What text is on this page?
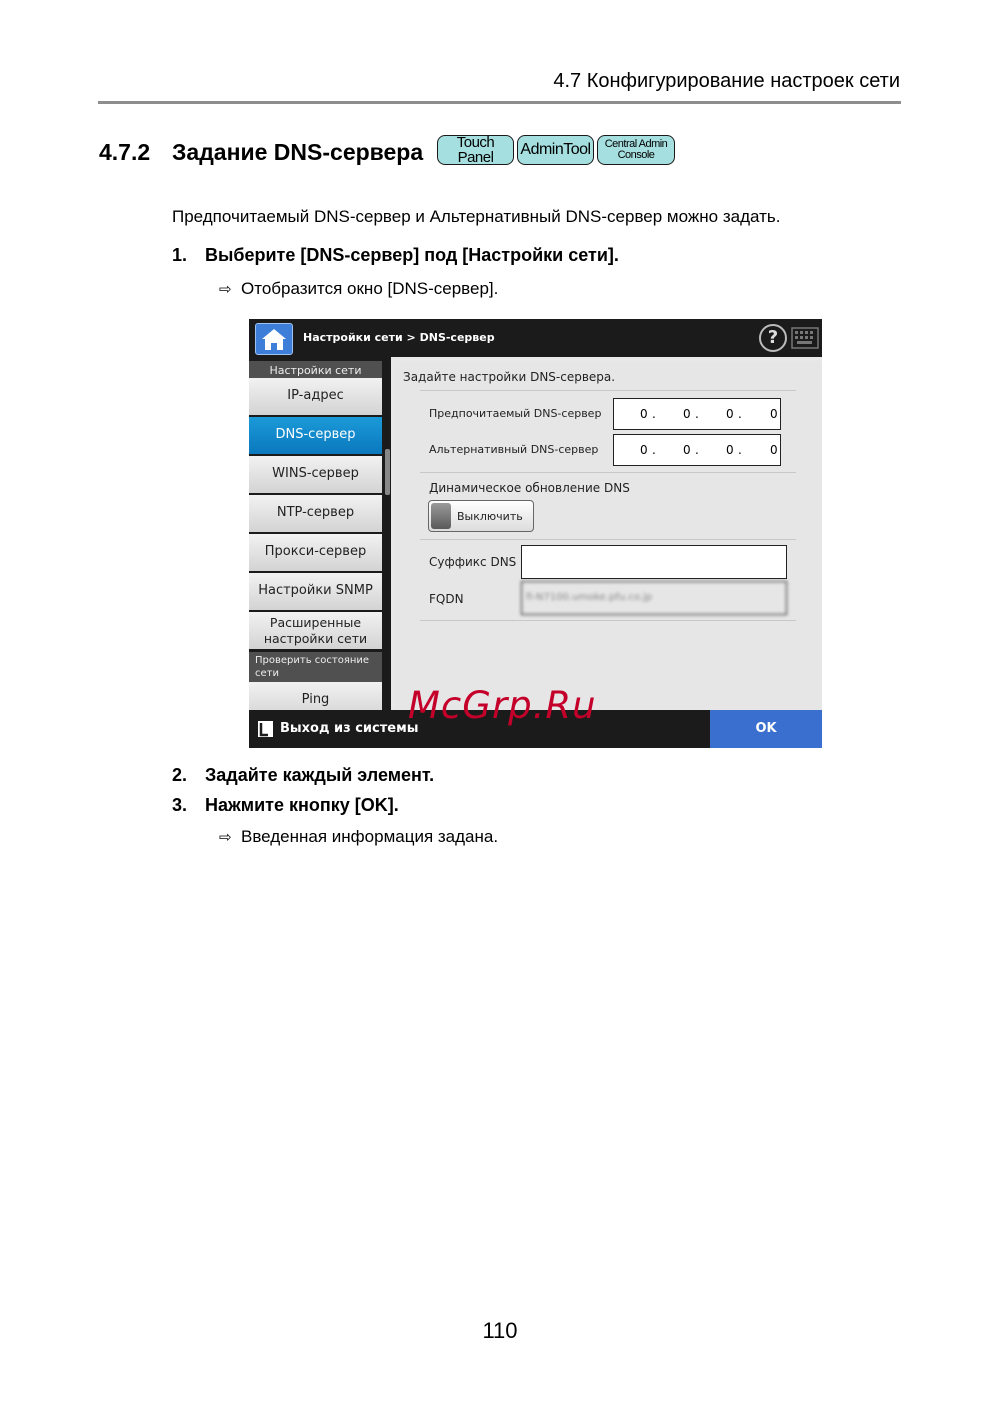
4.7 Конфигурирование настроек сети
4.7.2 Задание DNS-сервера Touch
Panel AdminTool Central Admin
Console
Предпочитаемый DNS-сервер и Альтернативный DNS-сервер можно задать.
1. Выберите [DNS-сервер] под [Настройки сети].
⇨ Отобразится окно [DNS-сервер].
Настройки сети > DNS-сервер	?
Настройки сети
IP-адрес
DNS-сервер
WINS-сервер
NTP-сервер
Прокси-сервер
Настройки SNMP
Расширенные
настройки сети
Проверить состояние
сети
Ping
Задайте настройки DNS-сервера.
Предпочитаемый DNS-сервер	0 . 0 . 0 . 0
Альтернативный DNS-сервер	0 . 0 . 0 . 0
Динамическое обновление DNS
Выключить
Суффикс DNS
FQDN	fi-N7100.umoke.pfu.co.jp
Выход из системы	OK
McGrp.Ru
2. Задайте каждый элемент.
3. Нажмите кнопку [OK].
⇨ Введенная информация задана.
110
